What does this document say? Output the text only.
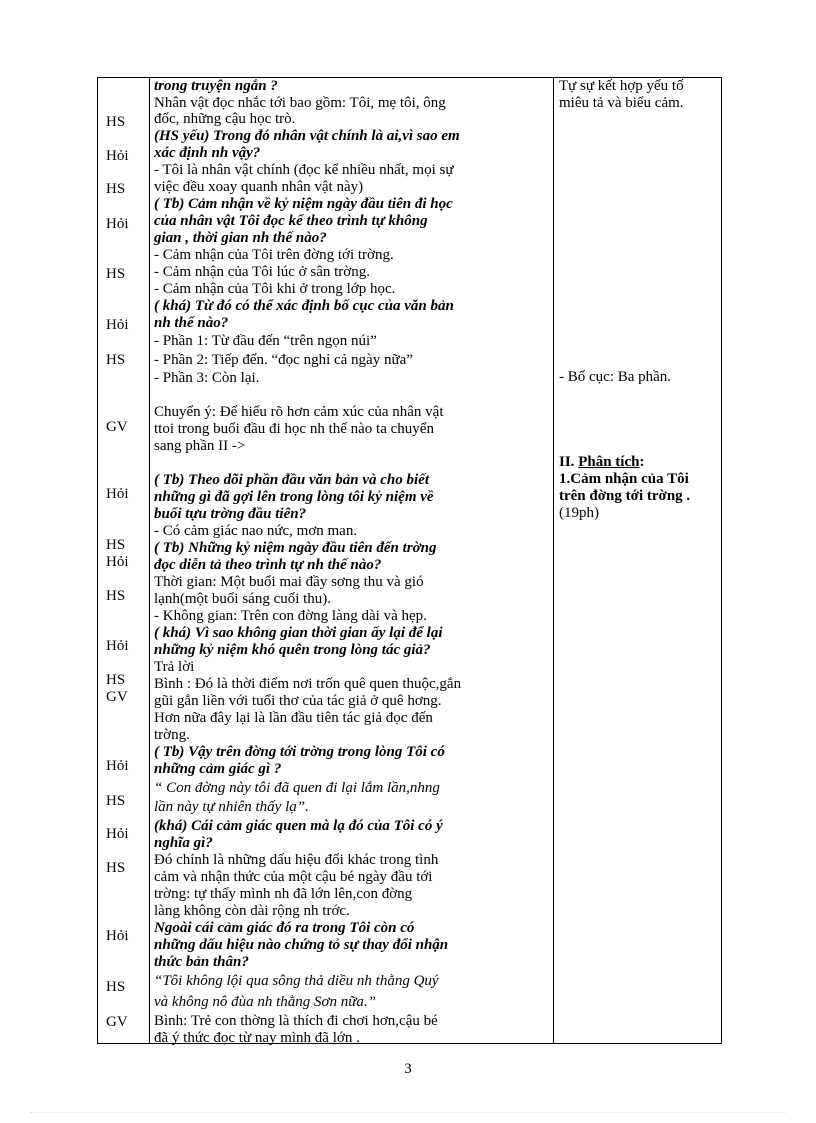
HS
Hỏi
HS
Hỏi
HS
Hỏi
HS
GV
Hỏi
HS
Hỏi
HS
Hỏi
HS
GV
Hỏi
HS
Hỏi
HS
Hỏi
HS
GV
trong truyện ngắn ?
Nhân vật đọc nhắc tới bao gồm: Tôi, mẹ tôi, ông
đốc, những cậu học trò.
(HS yếu) Trong đó nhân vật chính là ai,vì sao em
xác định nh vậy?
- Tôi là nhân vật chính (đọc kể nhiều nhất, mọi sự
việc đều xoay quanh nhân vật này)
( Tb) Cảm nhận về kỷ niệm ngày đầu tiên đi học
của nhân vật Tôi đọc kể theo trình tự không
gian , thời gian nh thế nào?
- Cảm nhận của Tôi trên đờng tới trờng.
- Cảm nhận của Tôi lúc ở sân trờng.
- Cảm nhận của Tôi khi ở trong lớp học.
( khá) Từ đó có thể xác định bố cục của văn bản
nh thế nào?
- Phần 1: Từ đầu đến “trên ngọn núi”
- Phần 2: Tiếp đến. “đọc nghỉ cả ngày nữa”
- Phần 3: Còn lại.
Chuyển ý: Để hiểu rõ hơn cảm xúc của nhân vật
ttoi trong buổi đầu đi học nh thế nào ta chuyển
sang phần II ->
( Tb) Theo dõi phần đầu văn bản và cho biết
những gì đã gợi lên trong lòng tôi kỷ niệm về
buổi tựu trờng đầu tiên?
- Có cảm giác nao nức, mơn man.
( Tb) Những kỷ niệm ngày đầu tiên đến trờng
đọc diễn tả theo trình tự nh thế nào?
Thời gian: Một buổi mai đầy sơng thu và gió
lạnh(một buổi sáng cuối thu).
- Không gian: Trên con đờng làng dài và hẹp.
( khá) Vì sao không gian thời gian ấy lại để lại
những kỷ niệm khó quên trong lòng tác giả?
Trả lời
Bình : Đó là thời điểm nơi trốn quê quen thuộc,gắn
gũi gắn liền với tuổi thơ của tác giả ở quê hơng.
Hơn nữa đây lại là lần đầu tiên tác giả đọc đến
trờng.
( Tb) Vậy trên đờng tới trờng trong lòng Tôi có
những cảm giác gì ?
“ Con đờng này tôi đã quen đi lại lắm lần,nhng
lần này tự nhiên thấy lạ”.
(khá) Cái cảm giác quen mà lạ đó của Tôi có ý
nghĩa gì?
Đó chính là những dấu hiệu đổi khác trong tình
cảm và nhận thức của một cậu bé ngày đầu tới
trờng: tự thấy mình nh đã lớn lên,con đờng
làng không còn dài rộng nh trớc.
Ngoài cái cảm giác đó ra trong Tôi còn có
những dấu hiệu nào chứng tỏ sự thay đổi nhận
thức bản thân?
“Tôi không lội qua sông thả diều nh thằng Quý
và không nô đùa nh thằng Sơn nữa.”
Bình: Trẻ con thờng là thích đi chơi hơn,cậu bé
đã ý thức đọc từ nay mình đã lớn .
Tự sự kết hợp yếu tố
miêu tả và biểu cảm.
- Bố cục: Ba phần.
II. Phân tích:
1.Cảm nhận của Tôi
trên đờng tới trờng .
(19ph)
3
